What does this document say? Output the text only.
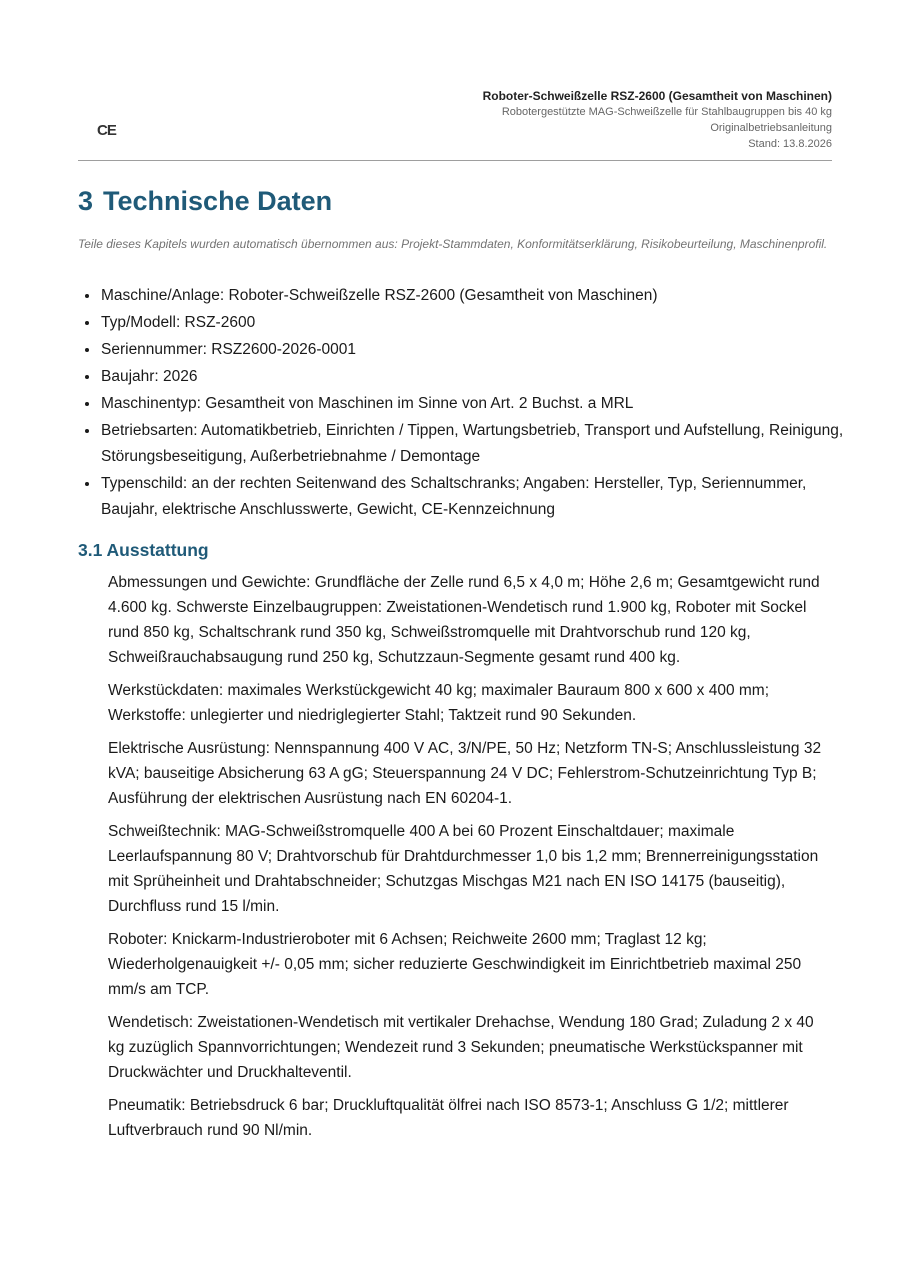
CE
Roboter-Schweißzelle RSZ-2600 (Gesamtheit von Maschinen)
Robotergestützte MAG-Schweißzelle für Stahlbaugruppen bis 40 kg
Originalbetriebsanleitung
Stand: 13.8.2026
3 Technische Daten

Teile dieses Kapitels wurden automatisch übernommen aus: Projekt-Stammdaten, Konformitätserklärung, Risikobeurteilung, Maschinenprofil.

Maschine/Anlage: Roboter-Schweißzelle RSZ-2600 (Gesamtheit von Maschinen)
Typ/Modell: RSZ-2600
Seriennummer: RSZ2600-2026-0001
Baujahr: 2026
Maschinentyp: Gesamtheit von Maschinen im Sinne von Art. 2 Buchst. a MRL
Betriebsarten: Automatikbetrieb, Einrichten / Tippen, Wartungsbetrieb, Transport und Aufstellung, Reinigung, Störungsbeseitigung, Außerbetriebnahme / Demontage
Typenschild: an der rechten Seitenwand des Schaltschranks; Angaben: Hersteller, Typ, Seriennummer, Baujahr, elektrische Anschlusswerte, Gewicht, CE-Kennzeichnung
3.1 Ausstattung

Abmessungen und Gewichte: Grundfläche der Zelle rund 6,5 x 4,0 m; Höhe 2,6 m; Gesamtgewicht rund 4.600 kg. Schwerste Einzelbaugruppen: Zweistationen-Wendetisch rund 1.900 kg, Roboter mit Sockel rund 850 kg, Schaltschrank rund 350 kg, Schweißstromquelle mit Drahtvorschub rund 120 kg, Schweißrauchabsaugung rund 250 kg, Schutzzaun-Segmente gesamt rund 400 kg.

Werkstückdaten: maximales Werkstückgewicht 40 kg; maximaler Bauraum 800 x 600 x 400 mm; Werkstoffe: unlegierter und niedriglegierter Stahl; Taktzeit rund 90 Sekunden.

Elektrische Ausrüstung: Nennspannung 400 V AC, 3/N/PE, 50 Hz; Netzform TN-S; Anschlussleistung 32 kVA; bauseitige Absicherung 63 A gG; Steuerspannung 24 V DC; Fehlerstrom-Schutzeinrichtung Typ B; Ausführung der elektrischen Ausrüstung nach EN 60204-1.

Schweißtechnik: MAG-Schweißstromquelle 400 A bei 60 Prozent Einschaltdauer; maximale Leerlaufspannung 80 V; Drahtvorschub für Drahtdurchmesser 1,0 bis 1,2 mm; Brennerreinigungsstation mit Sprüheinheit und Drahtabschneider; Schutzgas Mischgas M21 nach EN ISO 14175 (bauseitig), Durchfluss rund 15 l/min.

Roboter: Knickarm-Industrieroboter mit 6 Achsen; Reichweite 2600 mm; Traglast 12 kg; Wiederholgenauigkeit +/- 0,05 mm; sicher reduzierte Geschwindigkeit im Einrichtbetrieb maximal 250 mm/s am TCP.

Wendetisch: Zweistationen-Wendetisch mit vertikaler Drehachse, Wendung 180 Grad; Zuladung 2 x 40 kg zuzüglich Spannvorrichtungen; Wendezeit rund 3 Sekunden; pneumatische Werkstückspanner mit Druckwächter und Druckhalteventil.

Pneumatik: Betriebsdruck 6 bar; Druckluftqualität ölfrei nach ISO 8573-1; Anschluss G 1/2; mittlerer Luftverbrauch rund 90 Nl/min.
